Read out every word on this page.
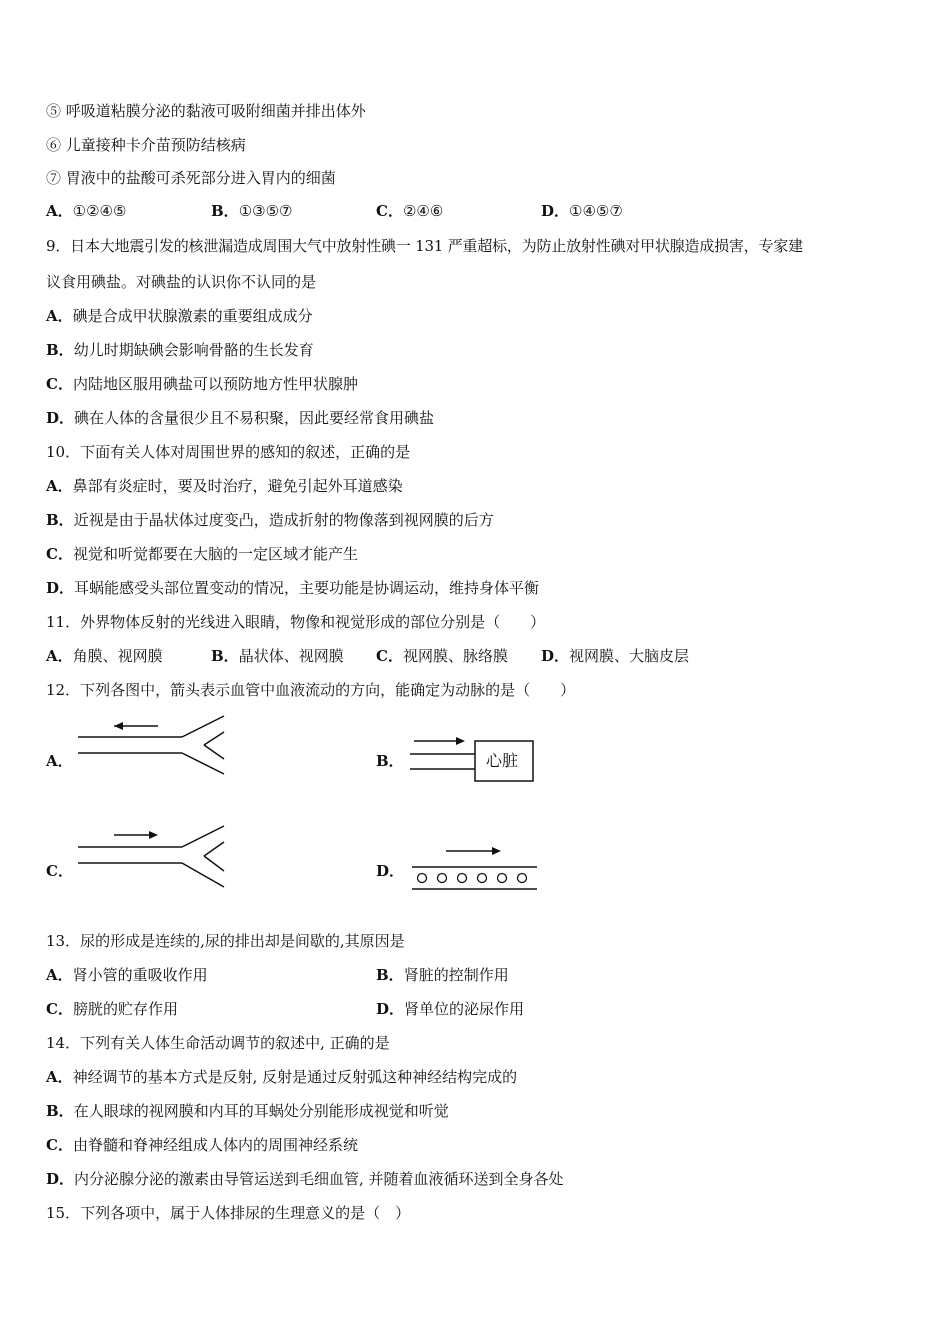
⑤ 呼吸道粘膜分泌的黏液可吸附细菌并排出体外
⑥ 儿童接种卡介苗预防结核病
⑦ 胃液中的盐酸可杀死部分进入胃内的细菌
A．①②④⑤	B．①③⑤⑦	C．②④⑥	D．①④⑤⑦
9．日本大地震引发的核泄漏造成周围大气中放射性碘一 131 严重超标，为防止放射性碘对甲状腺造成损害，专家建
议食用碘盐。对碘盐的认识你不认同的是
A．碘是合成甲状腺激素的重要组成成分
B．幼儿时期缺碘会影响骨骼的生长发育
C．内陆地区服用碘盐可以预防地方性甲状腺肿
D．碘在人体的含量很少且不易积聚，因此要经常食用碘盐
10．下面有关人体对周围世界的感知的叙述，正确的是
A．鼻部有炎症时，要及时治疗，避免引起外耳道感染
B．近视是由于晶状体过度变凸，造成折射的物像落到视网膜的后方
C．视觉和听觉都要在大脑的一定区域才能产生
D．耳蜗能感受头部位置变动的情况，主要功能是协调运动，维持身体平衡
11．外界物体反射的光线进入眼睛，物像和视觉形成的部位分别是（　　）
A．角膜、视网膜	B．晶状体、视网膜 C．视网膜、脉络膜 D．视网膜、大脑皮层
12．下列各图中，箭头表示血管中血液流动的方向，能确定为动脉的是（　　）
A．	B．	心脏
C．	D．
13．尿的形成是连续的,尿的排出却是间歇的,其原因是
A．肾小管的重吸收作用	B．肾脏的控制作用
C．膀胱的贮存作用	D．肾单位的泌尿作用
14．下列有关人体生命活动调节的叙述中, 正确的是
A．神经调节的基本方式是反射, 反射是通过反射弧这种神经结构完成的
B．在人眼球的视网膜和内耳的耳蜗处分别能形成视觉和听觉
C．由脊髓和脊神经组成人体内的周围神经系统
D．内分泌腺分泌的激素由导管运送到毛细血管, 并随着血液循环送到全身各处
15．下列各项中，属于人体排尿的生理意义的是（　）
